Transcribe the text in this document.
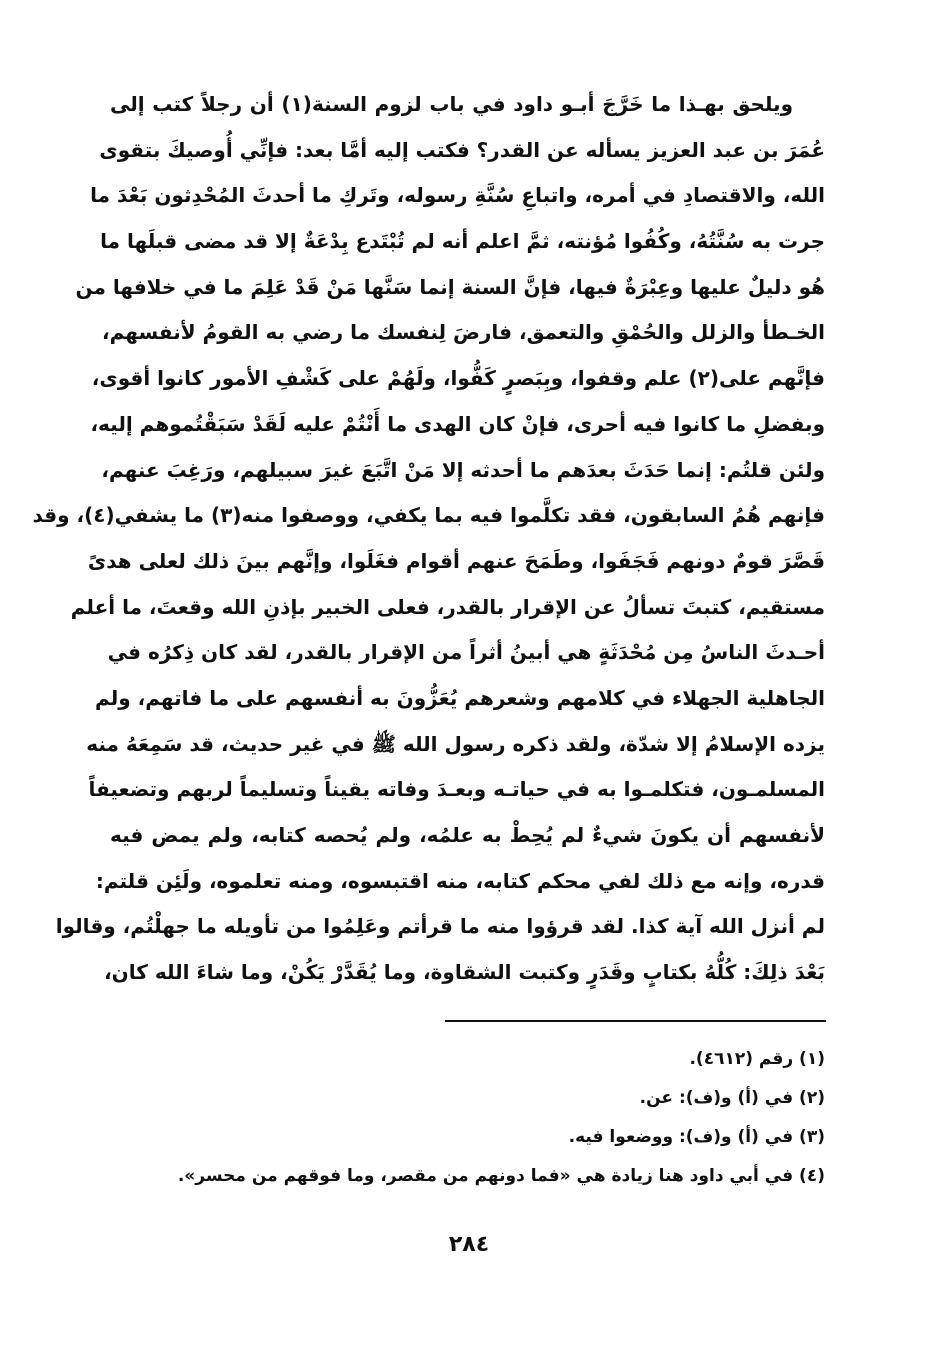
ويلحق بهـذا ما خَرَّجَ أبـو داود في باب لزوم السنة(١) أن رجلاً كتب إلى
عُمَرَ بن عبد العزيز يسأله عن القدر؟ فكتب إليه أمَّا بعد: فإنِّي أُوصيكَ بتقوى
الله، والاقتصادِ في أمره، واتباعِ سُنَّةِ رسوله، وتَركِ ما أحدثَ المُحْدِثون بَعْدَ ما
جرت به سُنَّتُهُ، وكُفُوا مُؤنته، ثمَّ اعلم أنه لم تُبْتَدع بِدْعَةٌ إلا قد مضى قبلَها ما
هُو دليلٌ عليها وعِبْرَةٌ فيها، فإنَّ السنة إنما سَنَّها مَنْ قَدْ عَلِمَ ما في خلافها من
الخـطأ والزلل والحُمْقِ والتعمق، فارضَ لِنفسك ما رضي به القومُ لأنفسهم،
فإنَّهم على(٢) علم وقفوا، وبِبَصرٍ كَفُّوا، ولَهُمْ على كَشْفِ الأمور كانوا أقوى،
وبفضلِ ما كانوا فيه أحرى، فإنْ كان الهدى ما أَنْتُمْ عليه لَقَدْ سَبَقْتُموهم إليه،
ولئن قلتُم: إنما حَدَثَ بعدَهم ما أحدثه إلا مَنْ اتَّبَعَ غيرَ سبيلهم، ورَغِبَ عنهم،
فإنهم هُمُ السابقون، فقد تكلَّموا فيه بما يكفي، ووصفوا منه(٣) ما يشفي(٤)، وقد
قَصَّرَ قومٌ دونهم فَجَفَوا، وطَمَحَ عنهم أقوام فغَلَوا، وإنَّهم بينَ ذلك لعلى هدىً
مستقيم، كتبتَ تسألُ عن الإقرار بالقدر، فعلى الخبير بإذنِ الله وقعتَ، ما أعلم
أحـدثَ الناسُ مِن مُحْدَثَةٍ هي أبينُ أثراً من الإقرار بالقدر، لقد كان ذِكرُه في
الجاهلية الجهلاء في كلامهم وشعرهم يُعَزُّونَ به أنفسهم على ما فاتهم، ولم
يزده الإسلامُ إلا شدّة، ولقد ذكره رسول الله ﷺ في غير حديث، قد سَمِعَهُ منه
المسلمـون، فتكلمـوا به في حياتـه وبعـدَ وفاته يقيناً وتسليماً لربهم وتضعيفاً
لأنفسهم أن يكونَ شيءٌ لم يُحِطْ به علمُه، ولم يُحصه كتابه، ولم يمض فيه
قدره، وإنه مع ذلك لفي محكم كتابه، منه اقتبسوه، ومنه تعلموه، ولَئِن قلتم:
لم أنزل الله آية كذا. لقد قرؤوا منه ما قرأتم وعَلِمُوا من تأويله ما جهلْتُم، وقالوا
بَعْدَ ذلِكَ: كُلُّهُ بكتابٍ وقَدَرٍ وكتبت الشقاوة، وما يُقَدَّرْ يَكُنْ، وما شاءَ الله كان،
(١) رقم (٤٦١٢).
(٢) في (أ) و(ف): عن.
(٣) في (أ) و(ف): ووضعوا فيه.
(٤) في أبي داود هنا زيادة هي «فما دونهم من مقصر، وما فوقهم من محسر».
٢٨٤
